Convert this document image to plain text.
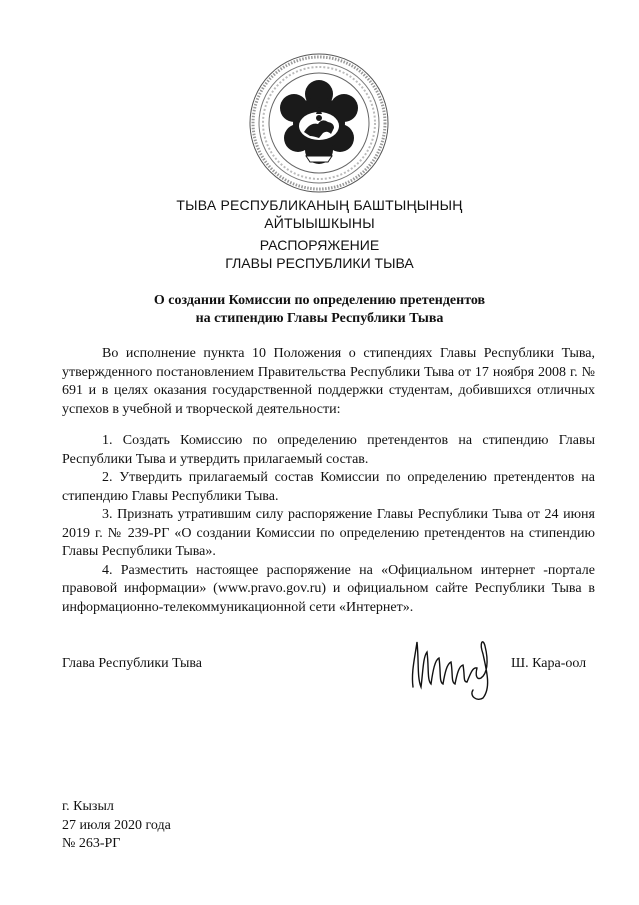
ТЫВА РЕСПУБЛИКАНЫҢ БАШТЫҢЫНЫҢ
АЙТЫЫШКЫНЫ
РАСПОРЯЖЕНИЕ
ГЛАВЫ РЕСПУБЛИКИ ТЫВА
О создании Комиссии по определению претендентов
на стипендию Главы Республики Тыва

Во исполнение пункта 10 Положения о стипендиях Главы Республики Тыва, утвержденного постановлением Правительства Республики Тыва от 17 ноября 2008 г. № 691 и в целях оказания государственной поддержки студентам, добившихся отличных успехов в учебной и творческой деятельности:

1. Создать Комиссию по определению претендентов на стипендию Главы Республики Тыва и утвердить прилагаемый состав.

2. Утвердить прилагаемый состав Комиссии по определению претендентов на стипендию Главы Республики Тыва.

3. Признать утратившим силу распоряжение Главы Республики Тыва от 24 июня 2019 г. № 239-РГ «О создании Комиссии по определению претендентов на стипендию Главы Республики Тыва».

4. Разместить настоящее распоряжение на «Официальном интернет -портале правовой информации» (www.pravo.gov.ru) и официальном сайте Республики Тыва в информационно-телекоммуникационной сети «Интернет».

Глава Республики Тыва	Ш. Кара-оол
г. Кызыл
27 июля 2020 года
№ 263-РГ
